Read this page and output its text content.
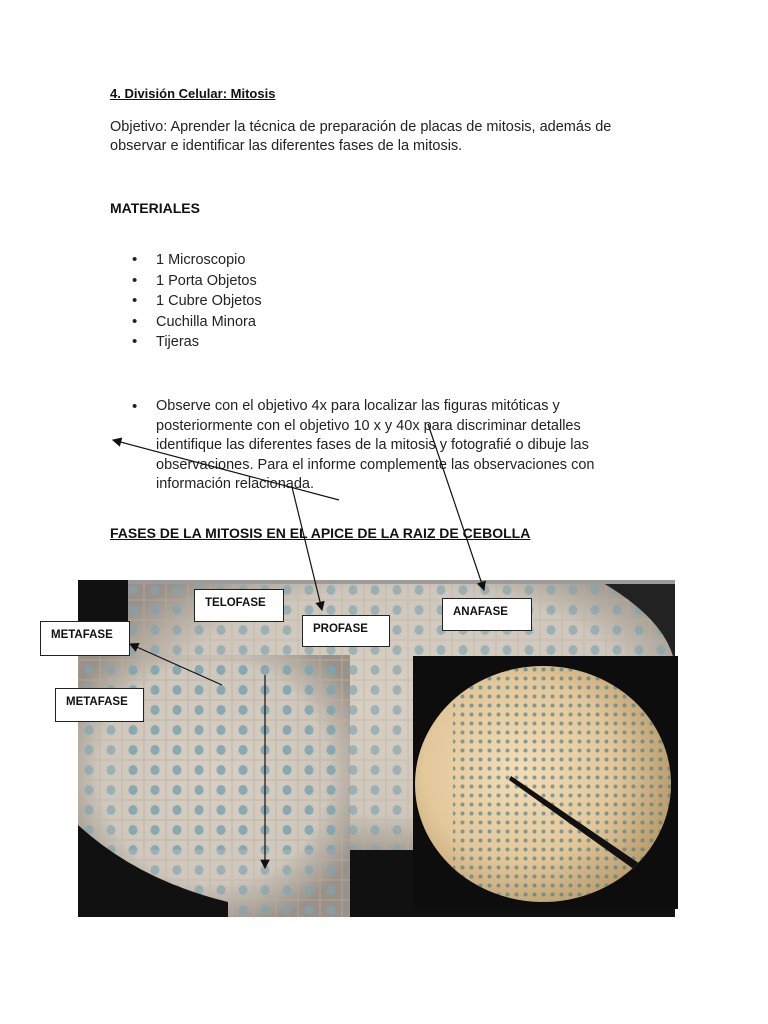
4. División Celular: Mitosis
Objetivo: Aprender la técnica de preparación de placas de mitosis, además de observar e identificar las diferentes fases de la mitosis.
MATERIALES
• 1 Microscopio
• 1 Porta Objetos
• 1 Cubre Objetos
• Cuchilla Minora
• Tijeras
• Observe con el objetivo 4x para localizar las figuras mitóticas y posteriormente con el objetivo 10 x y 40x para discriminar detalles identifique las diferentes fases de la mitosis y fotografié o dibuje las observaciones. Para el informe complemente las observaciones con información relacionada.
FASES DE LA MITOSIS EN EL APICE DE LA RAIZ DE CEBOLLA
TELOFASE
PROFASE
ANAFASE
METAFASE
METAFASE
